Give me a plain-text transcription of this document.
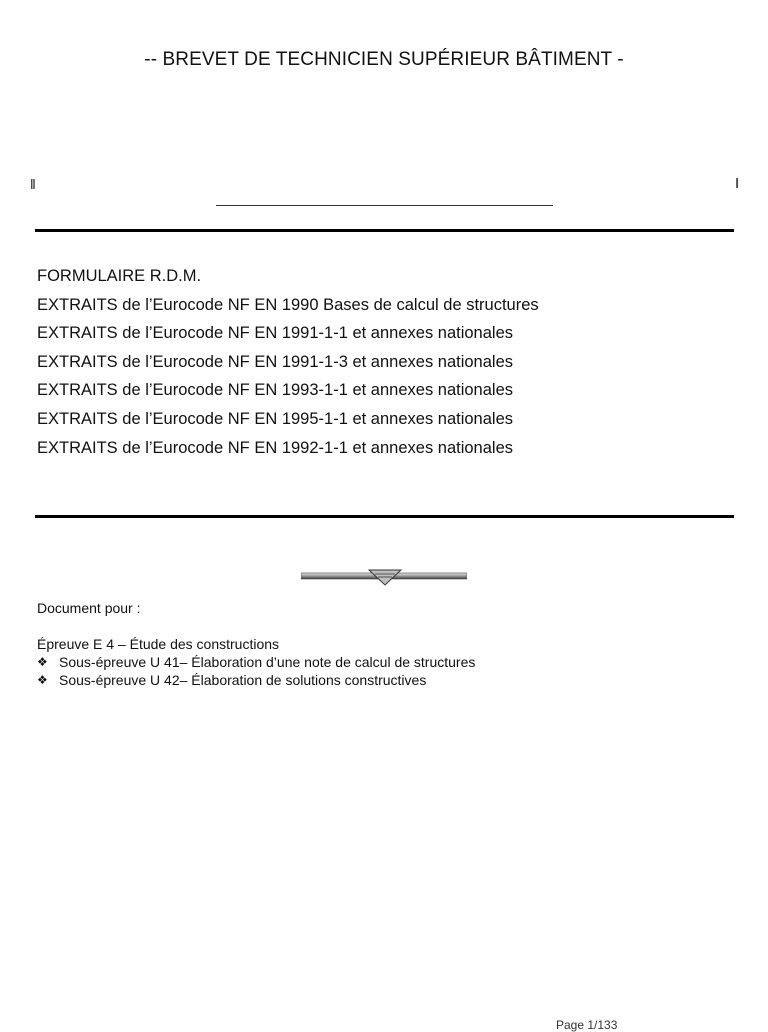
-- BREVET DE TECHNICIEN SUPÉRIEUR BÂTIMENT -
‖	I
FORMULAIRE R.D.M.
EXTRAITS de l’Eurocode NF EN 1990 Bases de calcul de structures
EXTRAITS de l’Eurocode NF EN 1991-1-1 et annexes nationales
EXTRAITS de l’Eurocode NF EN 1991-1-3 et annexes nationales
EXTRAITS de l’Eurocode NF EN 1993-1-1 et annexes nationales
EXTRAITS de l’Eurocode NF EN 1995-1-1 et annexes nationales
EXTRAITS de l’Eurocode NF EN 1992-1-1 et annexes nationales
Document pour :
Épreuve E 4 – Étude des constructions
❖ Sous-épreuve U 41– Élaboration d’une note de calcul de structures
❖ Sous-épreuve U 42– Élaboration de solutions constructives
Page 1/133
